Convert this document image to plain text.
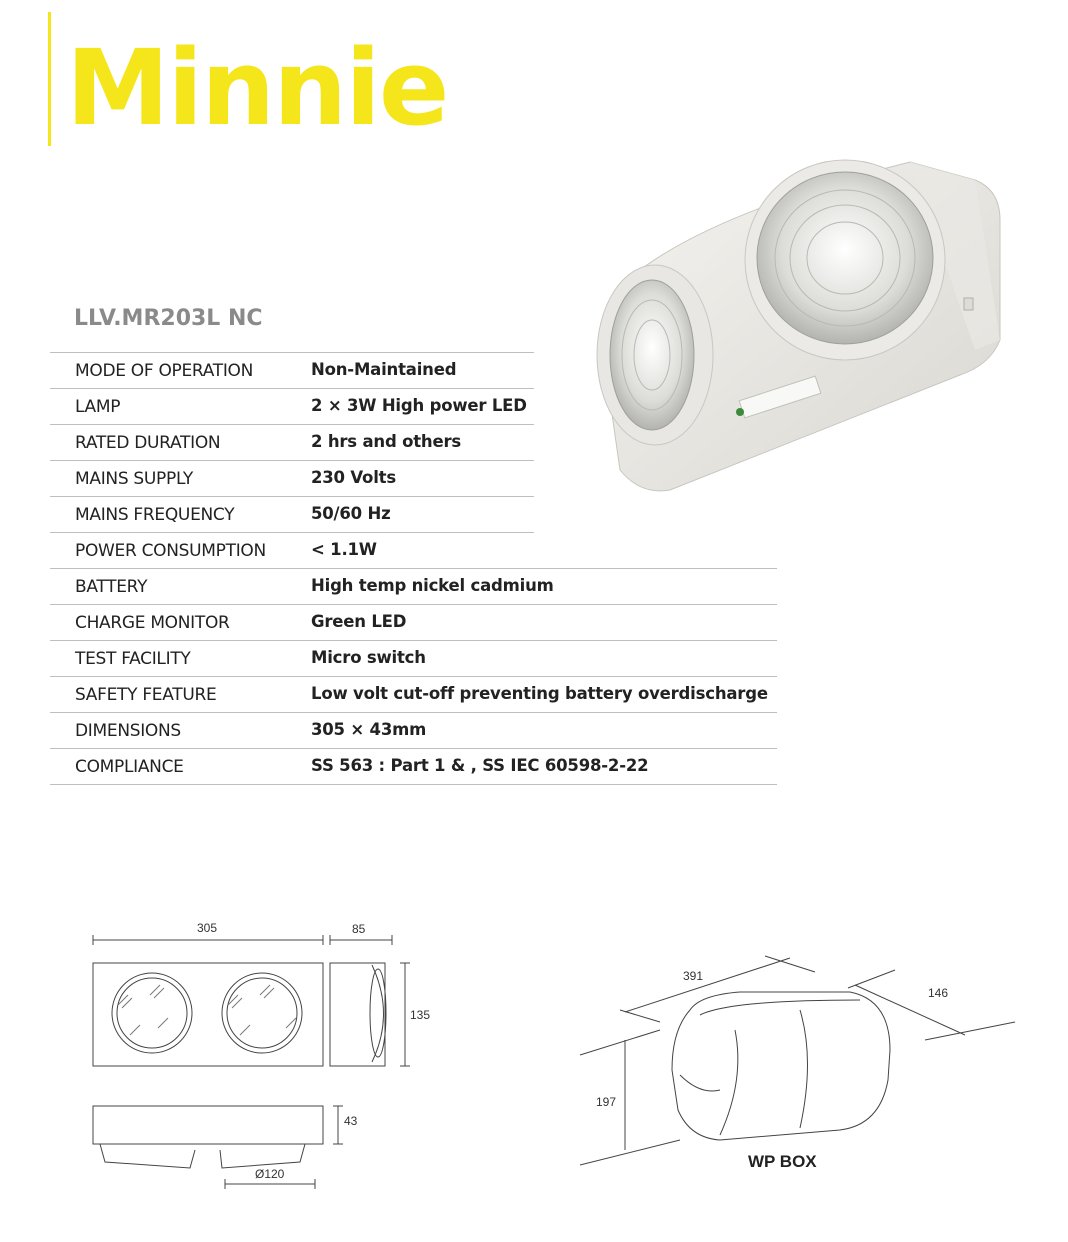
Minnie
LLV.MR203L NC
MODE OF OPERATION	Non-Maintained
LAMP	2 × 3W High power LED
RATED DURATION	2 hrs and others
MAINS SUPPLY	230 Volts
MAINS FREQUENCY	50/60 Hz
POWER CONSUMPTION	< 1.1W
BATTERY	High temp nickel cadmium
CHARGE MONITOR	Green LED
TEST FACILITY	Micro switch
SAFETY FEATURE	Low volt cut-off preventing battery overdischarge
DIMENSIONS	305 × 43mm
COMPLIANCE	SS 563 : Part 1 & , SS IEC 60598-2-22
305	85
135
43
Ø120
391
146
197
WP BOX
